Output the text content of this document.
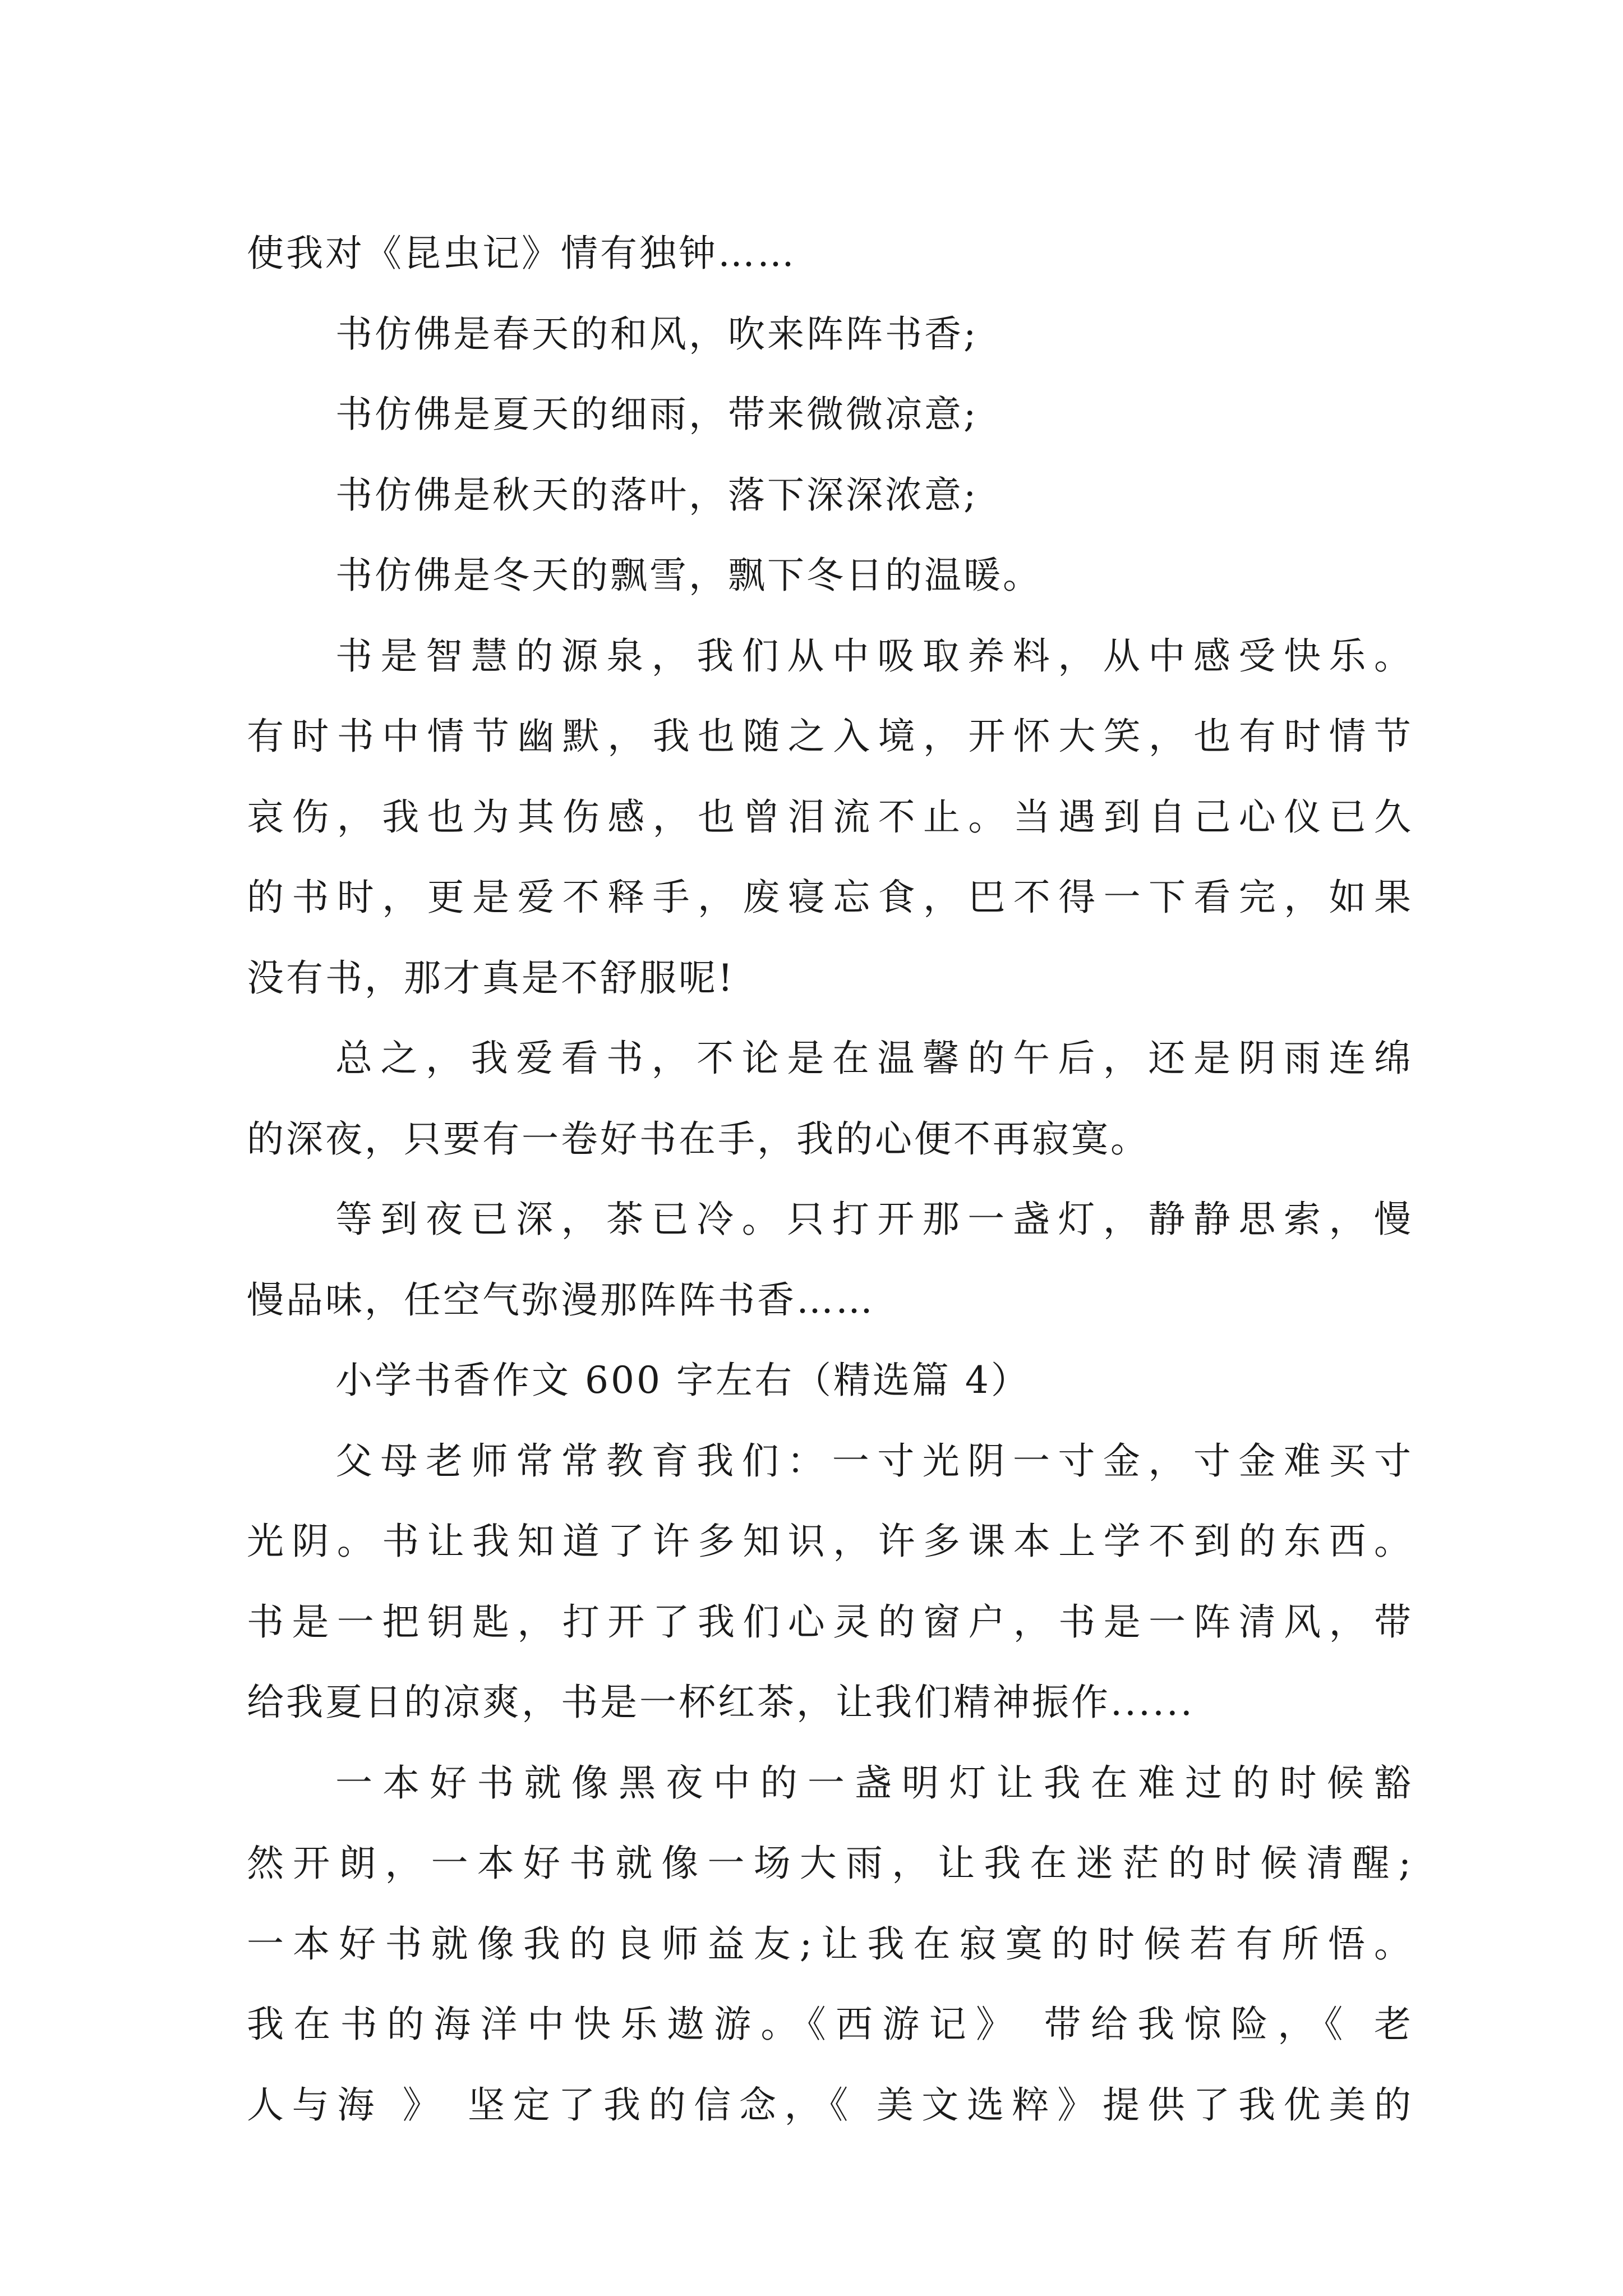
使我对《昆虫记》情有独钟……
书仿佛是春天的和风，吹来阵阵书香;
书仿佛是夏天的细雨，带来微微凉意;
书仿佛是秋天的落叶，落下深深浓意;
书仿佛是冬天的飘雪，飘下冬日的温暖。
书是智慧的源泉，我们从中吸取养料，从中感受快乐。
有时书中情节幽默，我也随之入境，开怀大笑，也有时情节
哀伤，我也为其伤感，也曾泪流不止。当遇到自己心仪已久
的书时，更是爱不释手，废寝忘食，巴不得一下看完，如果
没有书，那才真是不舒服呢!
总之，我爱看书，不论是在温馨的午后，还是阴雨连绵
的深夜，只要有一卷好书在手，我的心便不再寂寞。
等到夜已深，茶已冷。只打开那一盏灯，静静思索，慢
慢品味，任空气弥漫那阵阵书香……
小学书香作文 600 字左右（精选篇 4）
父母老师常常教育我们：一寸光阴一寸金，寸金难买寸
光阴。书让我知道了许多知识，许多课本上学不到的东西。
书是一把钥匙，打开了我们心灵的窗户，书是一阵清风，带
给我夏日的凉爽，书是一杯红茶，让我们精神振作......
一本好书就像黑夜中的一盏明灯让我在难过的时候豁
然开朗，一本好书就像一场大雨，让我在迷茫的时候清醒;
一本好书就像我的良师益友;让我在寂寞的时候若有所悟。
我在书的海洋中快乐遨游。《西游记》 带给我惊险，《 老
人与海 》 坚定了我的信念，《 美文选粹》提供了我优美的
